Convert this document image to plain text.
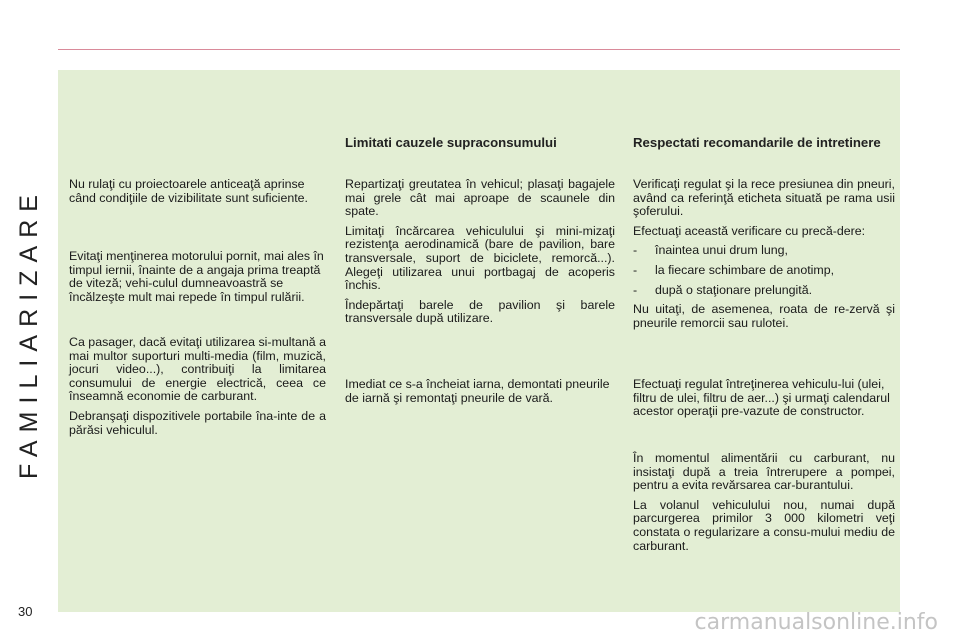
FAMILIARIZARE
30
Nu rulaţi cu proiectoarele anticeaţă aprinse când condiţiile de vizibilitate sunt suficiente.
Evitaţi menţinerea motorului pornit, mai ales în timpul iernii, înainte de a angaja prima treaptă de viteză; vehi-culul dumneavoastră se încălzeşte mult mai repede în timpul rulării.

Ca pasager, dacă evitaţi utilizarea si-multană a mai multor suporturi multi-media (film, muzică, jocuri video...), contribuiţi la limitarea consumului de energie electrică, ceea ce înseamnă economie de carburant.

Debranşaţi dispozitivele portabile îna-inte de a părăsi vehiculul.

Limitati cauzele supraconsumului

Repartizaţi greutatea în vehicul; plasaţi bagajele mai grele cât mai aproape de scaunele din spate.

Limitaţi încărcarea vehiculului şi mini-mizaţi rezistenţa aerodinamică (bare de pavilion, bare transversale, suport de biciclete, remorcă...). Alegeţi utilizarea unui portbagaj de acoperis închis.

Îndepărtaţi barele de pavilion şi barele transversale după utilizare.

Imediat ce s-a încheiat iarna, demontati pneurile de iarnă şi remontaţi pneurile de vară.
Respectati recomandarile de intretinere

Verificaţi regulat şi la rece presiunea din pneuri, având ca referinţă eticheta situată pe rama usii şoferului.

Efectuaţi această verificare cu precă-dere:

- înaintea unui drum lung,
- la fiecare schimbare de anotimp,
- după o staţionare prelungită.

Nu uitaţi, de asemenea, roata de re-zervă şi pneurile remorcii sau rulotei.

Efectuaţi regulat întreţinerea vehiculu-lui (ulei, filtru de ulei, filtru de aer...) şi urmaţi calendarul acestor operaţii pre-vazute de constructor.

În momentul alimentării cu carburant, nu insistaţi după a treia întrerupere a pompei, pentru a evita revărsarea car-burantului.

La volanul vehiculului nou, numai după parcurgerea primilor 3 000 kilometri veţi constata o regularizare a consu-mului mediu de carburant.

carmanualsonline.info
